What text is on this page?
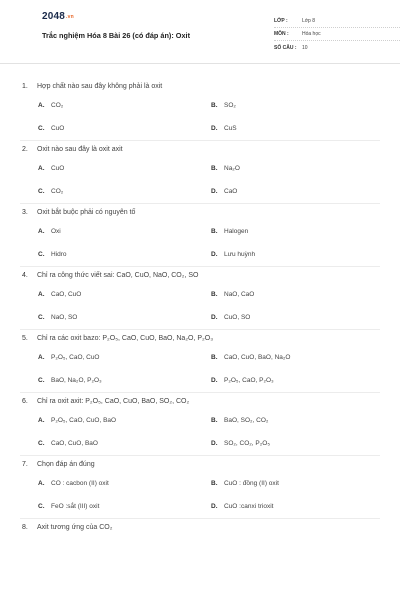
2048.vn
Trắc nghiệm Hóa 8 Bài 26 (có đáp án): Oxit
LỚP :	Lớp 8
MÔN :	Hóa học
SỐ CÂU :	10
1.	Hợp chất nào sau đây không phải là oxit
A.	CO₂	B.	SO₂
C.	CuO	D.	CuS
2.	Oxit nào sau đây là oxit axit
A.	CuO	B.	Na₂O
C.	CO₂	D.	CaO
3.	Oxit bắt buộc phải có nguyên tố
A.	Oxi	B.	Halogen
C.	Hidro	D.	Lưu huỳnh
4.	Chỉ ra công thức viết sai: CaO, CuO, NaO, CO₂, SO
A.	CaO, CuO	B.	NaO, CaO
C.	NaO, SO	D.	CuO, SO
5.	Chỉ ra các oxit bazo: P₂O₅, CaO, CuO, BaO, Na₂O, P₂O₃
A.	P₂O₅, CaO, CuO	B.	CaO, CuO, BaO, Na₂O
C.	BaO, Na₂O, P₂O₃	D.	P₂O₅, CaO, P₂O₃
6.	Chỉ ra oxit axit: P₂O₅, CaO, CuO, BaO, SO₂, CO₂
A.	P₂O₅, CaO, CuO, BaO	B.	BaO, SO₂, CO₂
C.	CaO, CuO, BaO	D.	SO₂, CO₂, P₂O₅
7.	Chọn đáp án đúng
A.	CO : cacbon (II) oxit	B.	CuO : đồng (II) oxit
C.	FeO :sắt (III) oxit	D.	CuO :canxi trioxit
8.	Axit tương ứng của CO₂
